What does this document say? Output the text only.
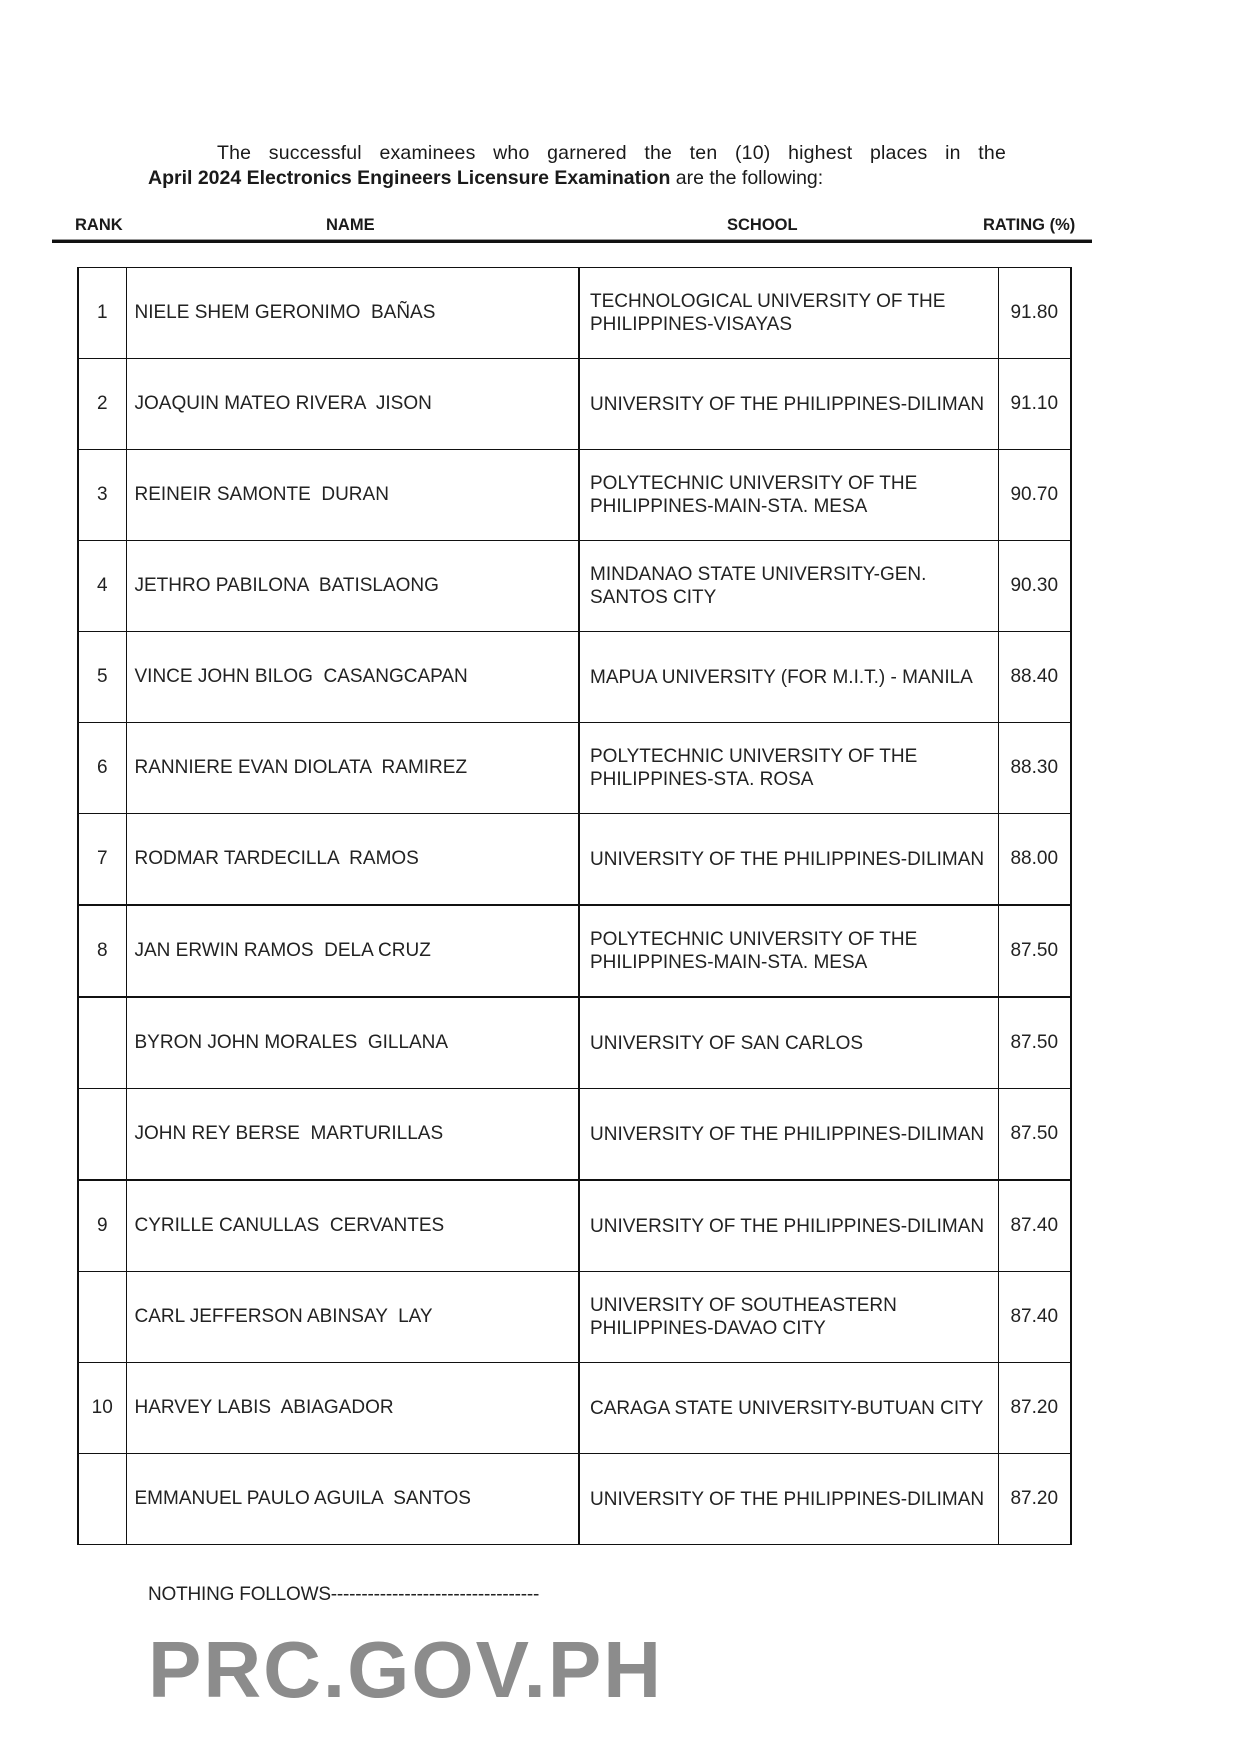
The successful examinees who garnered the ten (10) highest places in the
April 2024 Electronics Engineers Licensure Examination are the following:
RANK	NAME	SCHOOL	RATING (%)
1	NIELE SHEM GERONIMO  BAÑAS	TECHNOLOGICAL UNIVERSITY OF THE PHILIPPINES-VISAYAS	91.80
2	JOAQUIN MATEO RIVERA  JISON	UNIVERSITY OF THE PHILIPPINES-DILIMAN	91.10
3	REINEIR SAMONTE  DURAN	POLYTECHNIC UNIVERSITY OF THE PHILIPPINES-MAIN-STA. MESA	90.70
4	JETHRO PABILONA  BATISLAONG	MINDANAO STATE UNIVERSITY-GEN. SANTOS CITY	90.30
5	VINCE JOHN BILOG  CASANGCAPAN	MAPUA UNIVERSITY (FOR M.I.T.) - MANILA	88.40
6	RANNIERE EVAN DIOLATA  RAMIREZ	POLYTECHNIC UNIVERSITY OF THE PHILIPPINES-STA. ROSA	88.30
7	RODMAR TARDECILLA  RAMOS	UNIVERSITY OF THE PHILIPPINES-DILIMAN	88.00
8	JAN ERWIN RAMOS  DELA CRUZ	POLYTECHNIC UNIVERSITY OF THE PHILIPPINES-MAIN-STA. MESA	87.50
	BYRON JOHN MORALES  GILLANA	UNIVERSITY OF SAN CARLOS	87.50
	JOHN REY BERSE  MARTURILLAS	UNIVERSITY OF THE PHILIPPINES-DILIMAN	87.50
9	CYRILLE CANULLAS  CERVANTES	UNIVERSITY OF THE PHILIPPINES-DILIMAN	87.40
	CARL JEFFERSON ABINSAY  LAY	UNIVERSITY OF SOUTHEASTERN PHILIPPINES-DAVAO CITY	87.40
10	HARVEY LABIS  ABIAGADOR	CARAGA STATE UNIVERSITY-BUTUAN CITY	87.20
	EMMANUEL PAULO AGUILA  SANTOS	UNIVERSITY OF THE PHILIPPINES-DILIMAN	87.20
NOTHING FOLLOWS----------------------------------
PRC.GOV.PH
